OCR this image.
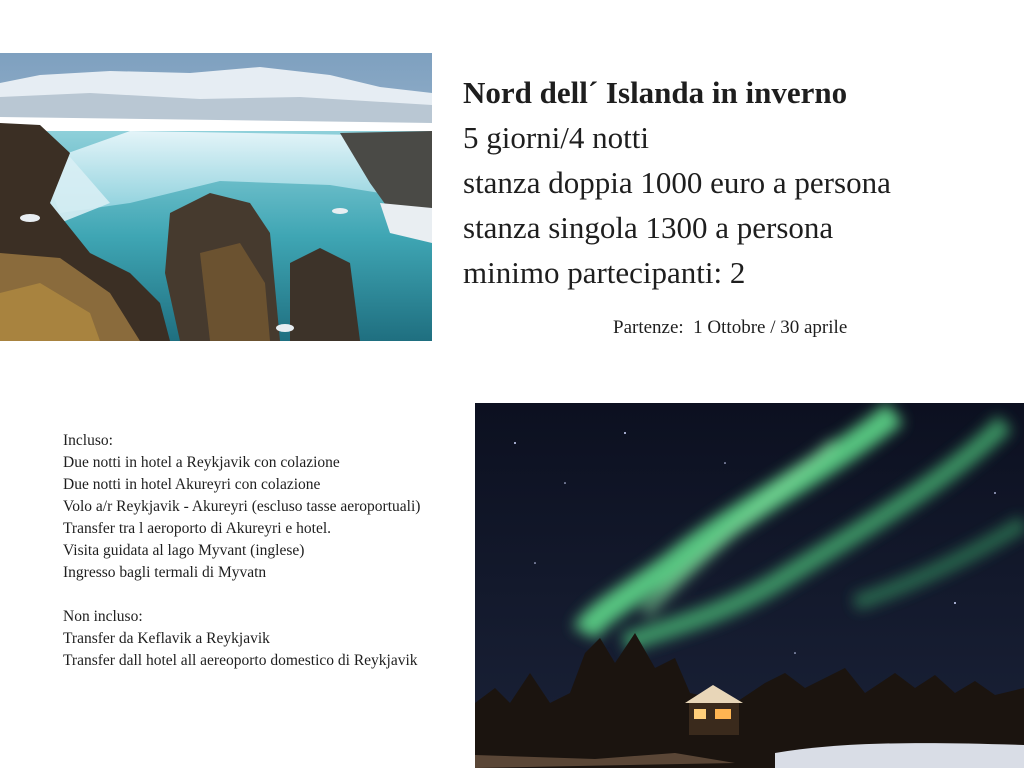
Nord dell´ Islanda in inverno
5 giorni/4 notti
stanza doppia 1000 euro a persona
stanza singola 1300 a persona
minimo partecipanti: 2
Partenze:  1 Ottobre / 30 aprile
Incluso:
Due notti in hotel a Reykjavik con colazione
Due notti in hotel Akureyri con colazione
Volo a/r Reykjavik - Akureyri (escluso tasse aeroportuali)
Transfer tra l aeroporto di Akureyri e hotel.
Visita guidata al lago Myvant (inglese)
Ingresso bagli termali di Myvatn
Non incluso:
Transfer da Keflavik a Reykjavik
Transfer dall hotel all aereoporto domestico di Reykjavik
